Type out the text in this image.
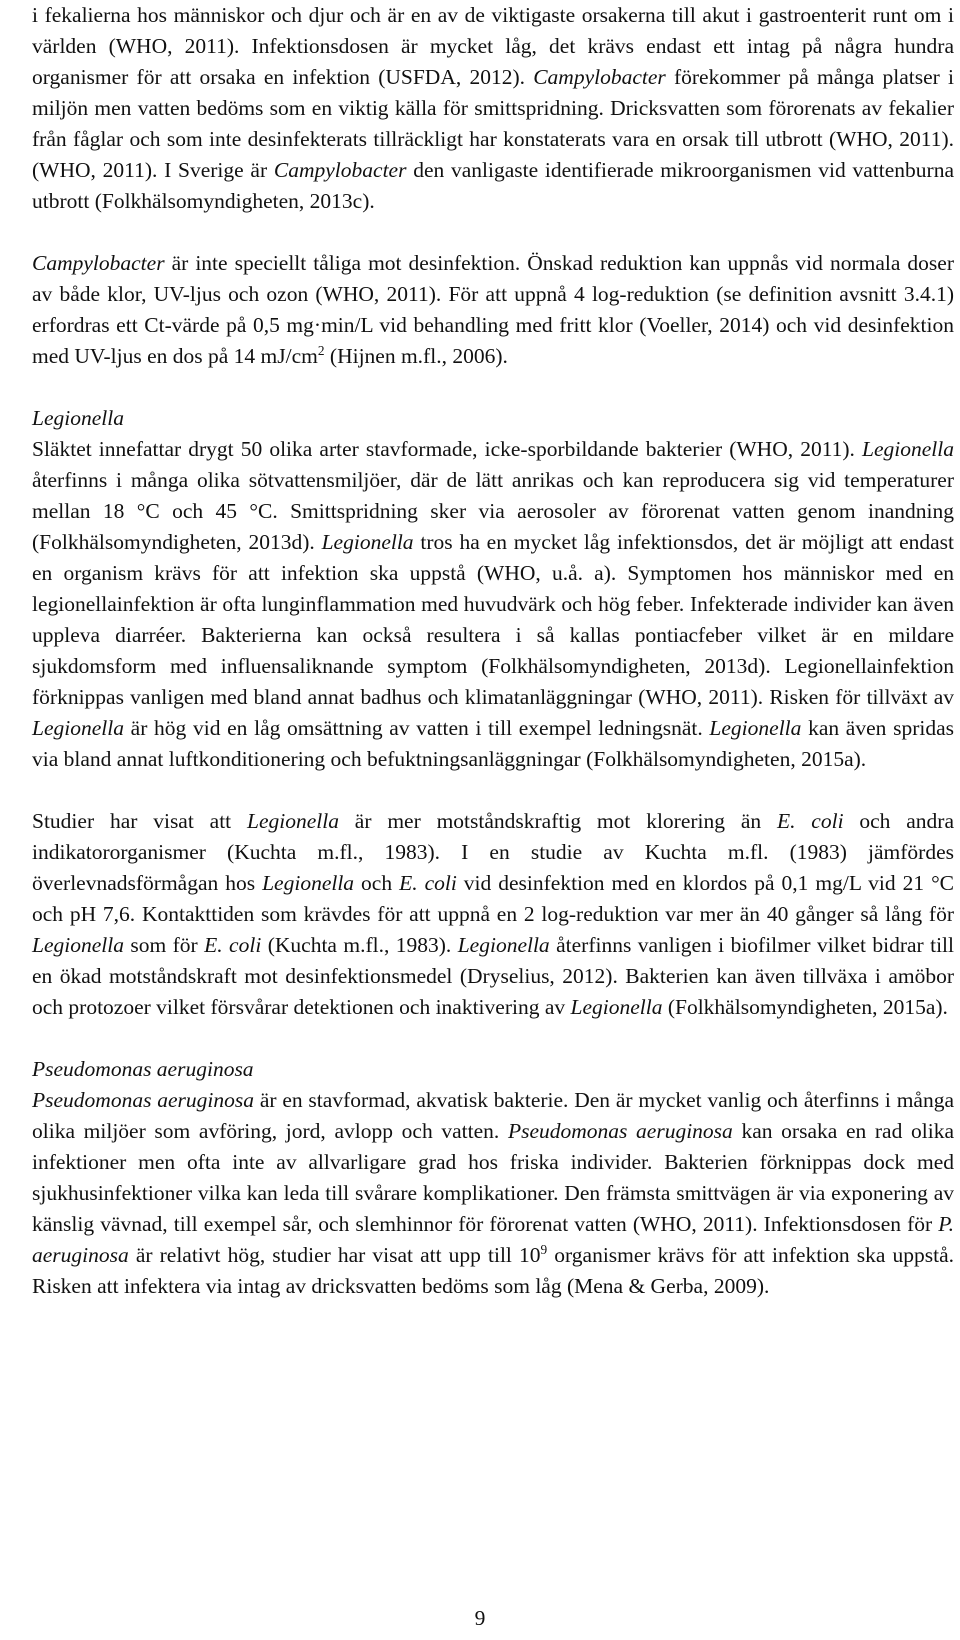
i fekalierna hos människor och djur och är en av de viktigaste orsakerna till akut i gastroenterit runt om i världen (WHO, 2011). Infektionsdosen är mycket låg, det krävs endast ett intag på några hundra organismer för att orsaka en infektion (USFDA, 2012). Campylobacter förekommer på många platser i miljön men vatten bedöms som en viktig källa för smittspridning. Dricksvatten som förorenats av fekalier från fåglar och som inte desinfekterats tillräckligt har konstaterats vara en orsak till utbrott (WHO, 2011). (WHO, 2011). I Sverige är Campylobacter den vanligaste identifierade mikroorganismen vid vattenburna utbrott (Folkhälsomyndigheten, 2013c).

Campylobacter är inte speciellt tåliga mot desinfektion. Önskad reduktion kan uppnås vid normala doser av både klor, UV-ljus och ozon (WHO, 2011). För att uppnå 4 log-reduktion (se definition avsnitt 3.4.1) erfordras ett Ct-värde på 0,5 mg·min/L vid behandling med fritt klor (Voeller, 2014) och vid desinfektion med UV-ljus en dos på 14 $mJ/cm^2$ (Hijnen m.fl., 2006).

Legionella

Släktet innefattar drygt 50 olika arter stavformade, icke-sporbildande bakterier (WHO, 2011). Legionella återfinns i många olika sötvattensmiljöer, där de lätt anrikas och kan reproducera sig vid temperaturer mellan 18 °C och 45 °C. Smittspridning sker via aerosoler av förorenat vatten genom inandning (Folkhälsomyndigheten, 2013d). Legionella tros ha en mycket låg infektionsdos, det är möjligt att endast en organism krävs för att infektion ska uppstå (WHO, u.å. a). Symptomen hos människor med en legionellainfektion är ofta lunginflammation med huvudvärk och hög feber. Infekterade individer kan även uppleva diarréer. Bakterierna kan också resultera i så kallas pontiacfeber vilket är en mildare sjukdomsform med influensaliknande symptom (Folkhälsomyndigheten, 2013d). Legionellainfektion förknippas vanligen med bland annat badhus och klimatanläggningar (WHO, 2011). Risken för tillväxt av Legionella är hög vid en låg omsättning av vatten i till exempel ledningsnät. Legionella kan även spridas via bland annat luftkonditionering och befuktningsanläggningar (Folkhälsomyndigheten, 2015a).

Studier har visat att Legionella är mer motståndskraftig mot klorering än E. coli och andra indikatororganismer (Kuchta m.fl., 1983). I en studie av Kuchta m.fl. (1983) jämfördes överlevnadsförmågan hos Legionella och E. coli vid desinfektion med en klordos på 0,1 mg/L vid 21 °C och pH 7,6. Kontakttiden som krävdes för att uppnå en 2 log-reduktion var mer än 40 gånger så lång för Legionella som för E. coli (Kuchta m.fl., 1983). Legionella återfinns vanligen i biofilmer vilket bidrar till en ökad motståndskraft mot desinfektionsmedel (Dryselius, 2012). Bakterien kan även tillväxa i amöbor och protozoer vilket försvårar detektionen och inaktivering av Legionella (Folkhälsomyndigheten, 2015a).

Pseudomonas aeruginosa

Pseudomonas aeruginosa är en stavformad, akvatisk bakterie. Den är mycket vanlig och återfinns i många olika miljöer som avföring, jord, avlopp och vatten. Pseudomonas aeruginosa kan orsaka en rad olika infektioner men ofta inte av allvarligare grad hos friska individer. Bakterien förknippas dock med sjukhusinfektioner vilka kan leda till svårare komplikationer. Den främsta smittvägen är via exponering av känslig vävnad, till exempel sår, och slemhinnor för förorenat vatten (WHO, 2011). Infektionsdosen för P. aeruginosa är relativt hög, studier har visat att upp till $10^9$ organismer krävs för att infektion ska uppstå. Risken att infektera via intag av dricksvatten bedöms som låg (Mena & Gerba, 2009).

9
